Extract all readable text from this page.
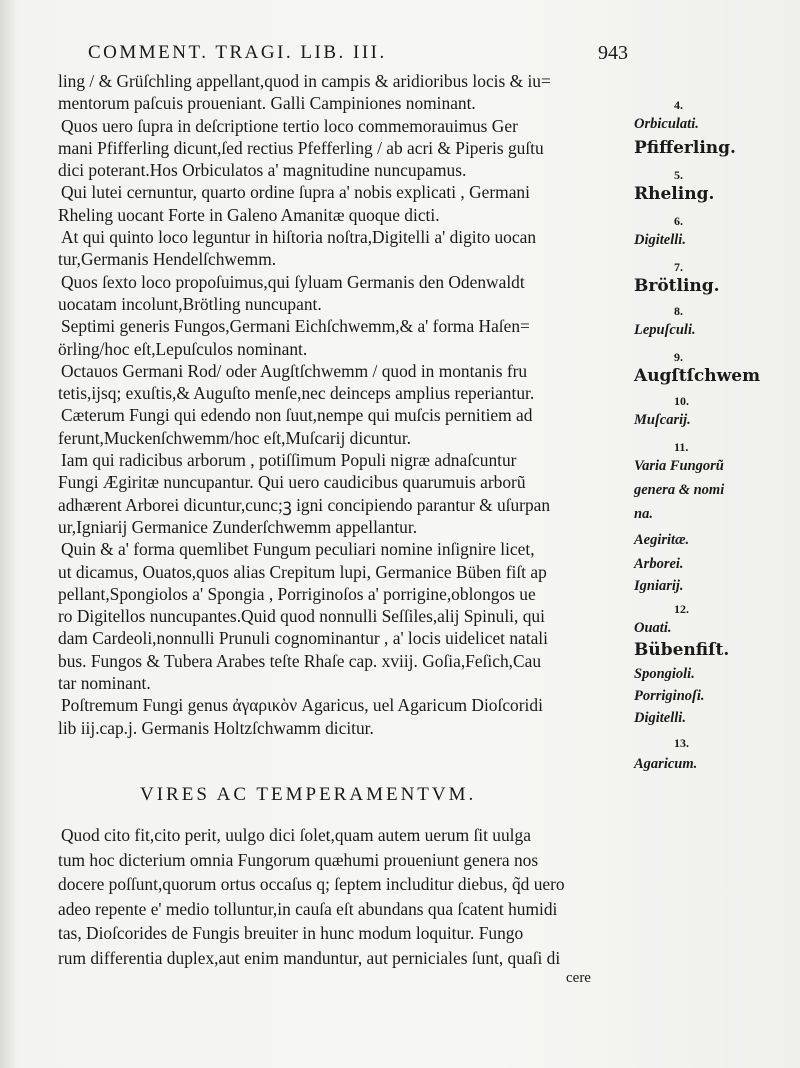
COMMENT. TRAGI. LIB. III.	943
ling / & Grüſchling appellant,quod in campis & aridioribus locis & iu=
mentorum paſcuis proueniant. Galli Campiniones nominant.
Quos uero ſupra in deſcriptione tertio loco commemorauimus Ger
mani Pfifferling dicunt,ſed rectius Pfefferling / ab acri & Piperis guſtu
dici poterant.Hos Orbiculatos a' magnitudine nuncupamus.
Qui lutei cernuntur, quarto ordine ſupra a' nobis explicati , Germani
Rheling uocant Forte in Galeno Amanitæ quoque dicti.
At qui quinto loco leguntur in hiſtoria noſtra,Digitelli a' digito uocan
tur,Germanis Hendelſchwemm.
Quos ſexto loco propoſuimus,qui ſyluam Germanis den Odenwaldt
uocatam incolunt,Brötling nuncupant.
Septimi generis Fungos,Germani Eichſchwemm,& a' forma Haſen=
örling/hoc eſt,Lepuſculos nominant.
Octauos Germani Rod/ oder Augſtſchwemm / quod in montanis fru
tetis,ijsq; exuſtis,& Auguſto menſe,nec deinceps amplius reperiantur.
Cæterum Fungi qui edendo non ſuut,nempe qui muſcis pernitiem ad
ferunt,Muckenſchwemm/hoc eſt,Muſcarij dicuntur.
Iam qui radicibus arborum , potiſſimum Populi nigræ adnaſcuntur
Fungi Ægiritæ nuncupantur. Qui uero caudicibus quarumuis arborũ
adhærent Arborei dicuntur,cunc;ꝫ igni concipiendo parantur & uſurpan
ur,Igniarij Germanice Zunderſchwemm appellantur.
Quin & a' forma quemlibet Fungum peculiari nomine inſignire licet,
ut dicamus, Ouatos,quos alias Crepitum lupi, Germanice Büben fiſt ap
pellant,Spongiolos a' Spongia , Porriginoſos a' porrigine,oblongos ue
ro Digitellos nuncupantes.Quid quod nonnulli Seſſiles,alij Spinuli, qui
dam Cardeoli,nonnulli Prunuli cognominantur , a' locis uidelicet natali
bus. Fungos & Tubera Arabes teſte Rhaſe cap. xviij. Goſia,Feſich,Cau
tar nominant.
Poſtremum Fungi genus ἀγαρικὸν Agaricus, uel Agaricum Dioſcoridi
lib iij.cap.j. Germanis Holtzſchwamm dicitur.
4.
Orbiculati.
Pfifferling.
5.
Rheling.
6.
Digitelli.
7.
Brötling.
8.
Lepuſculi.
9.
Augſtſchwem
10.
Muſcarij.
11.
Varia Fungorũ
genera & nomi
na.
Aegiritæ.
Arborei.
Igniarij.
12.
Ouati.
Bübenfiſt.
Spongioli.
Porriginoſi.
Digitelli.
13.
Agaricum.
VIRES AC TEMPERAMENTVM.
Quod cito fit,cito perit, uulgo dici ſolet,quam autem uerum ſit uulga
tum hoc dicterium omnia Fungorum quæhumi proueniunt genera nos
docere poſſunt,quorum ortus occaſus q; ſeptem includitur diebus, q̃d uero
adeo repente e' medio tolluntur,in cauſa eſt abundans qua ſcatent humidi
tas, Dioſcorides de Fungis breuiter in hunc modum loquitur. Fungo
rum differentia duplex,aut enim manduntur, aut perniciales ſunt, quaſi di
cere
